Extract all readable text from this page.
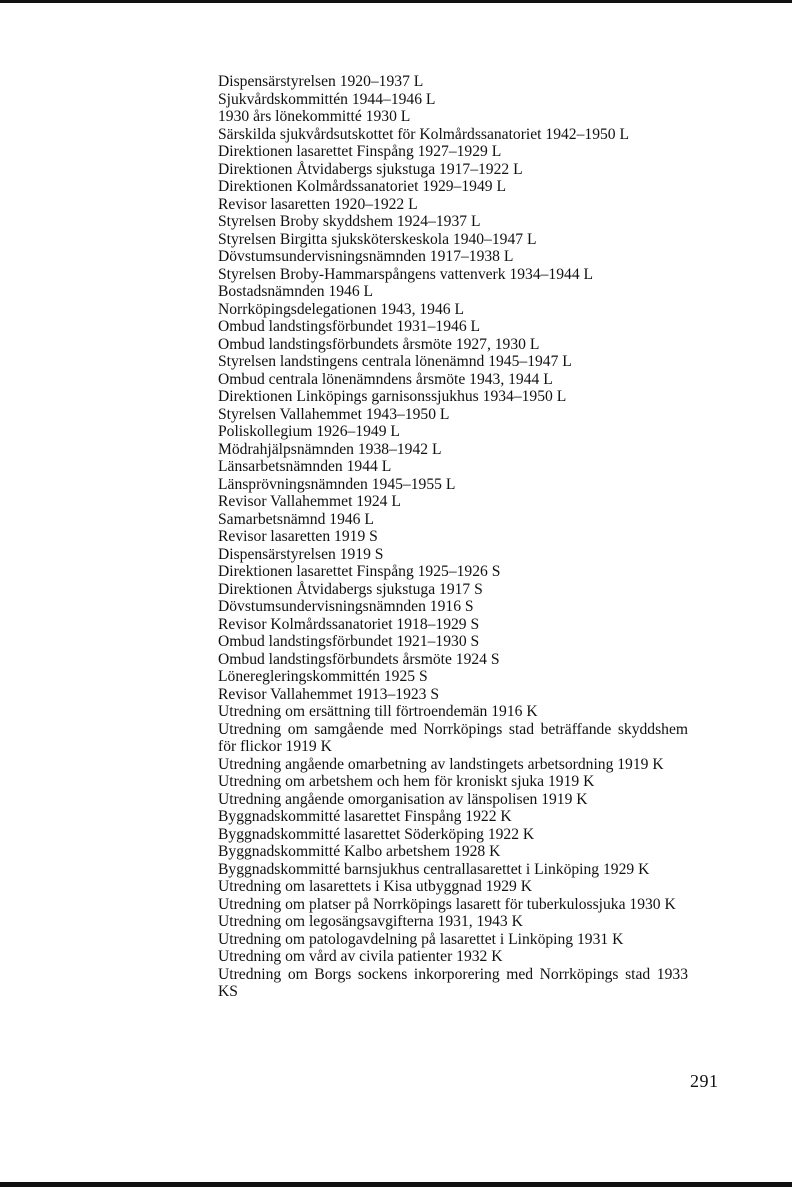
Dispensärstyrelsen 1920–1937 L
Sjukvårdskommittén 1944–1946 L
1930 års lönekommitté 1930 L
Särskilda sjukvårdsutskottet för Kolmårdssanatoriet 1942–1950 L
Direktionen lasarettet Finspång 1927–1929 L
Direktionen Åtvidabergs sjukstuga 1917–1922 L
Direktionen Kolmårdssanatoriet 1929–1949 L
Revisor lasaretten 1920–1922 L
Styrelsen Broby skyddshem 1924–1937 L
Styrelsen Birgitta sjuksköterskeskola 1940–1947 L
Dövstumsundervisningsnämnden 1917–1938 L
Styrelsen Broby-Hammarspångens vattenverk 1934–1944 L
Bostadsnämnden 1946 L
Norrköpingsdelegationen 1943, 1946 L
Ombud landstingsförbundet 1931–1946 L
Ombud landstingsförbundets årsmöte 1927, 1930 L
Styrelsen landstingens centrala lönenämnd 1945–1947 L
Ombud centrala lönenämndens årsmöte 1943, 1944 L
Direktionen Linköpings garnisonssjukhus 1934–1950 L
Styrelsen Vallahemmet 1943–1950 L
Poliskollegium 1926–1949 L
Mödrahjälpsnämnden 1938–1942 L
Länsarbetsnämnden 1944 L
Länsprövningsnämnden 1945–1955 L
Revisor Vallahemmet 1924 L
Samarbetsnämnd 1946 L
Revisor lasaretten 1919 S
Dispensärstyrelsen 1919 S
Direktionen lasarettet Finspång 1925–1926 S
Direktionen Åtvidabergs sjukstuga 1917 S
Dövstumsundervisningsnämnden 1916 S
Revisor Kolmårdssanatoriet 1918–1929 S
Ombud landstingsförbundet 1921–1930 S
Ombud landstingsförbundets årsmöte 1924 S
Löneregleringskommittén 1925 S
Revisor Vallahemmet 1913–1923 S
Utredning om ersättning till förtroendemän 1916 K
Utredning om samgående med Norrköpings stad beträffande skyddshem för flickor 1919 K
Utredning angående omarbetning av landstingets arbetsordning 1919 K
Utredning om arbetshem och hem för kroniskt sjuka 1919 K
Utredning angående omorganisation av länspolisen 1919 K
Byggnadskommitté lasarettet Finspång 1922 K
Byggnadskommitté lasarettet Söderköping 1922 K
Byggnadskommitté Kalbo arbetshem 1928 K
Byggnadskommitté barnsjukhus centrallasarettet i Linköping 1929 K
Utredning om lasarettets i Kisa utbyggnad 1929 K
Utredning om platser på Norrköpings lasarett för tuberkulossjuka 1930 K
Utredning om legosängsavgifterna 1931, 1943 K
Utredning om patologavdelning på lasarettet i Linköping 1931 K
Utredning om vård av civila patienter 1932 K
Utredning om Borgs sockens inkorporering med Norrköpings stad 1933 KS
291
